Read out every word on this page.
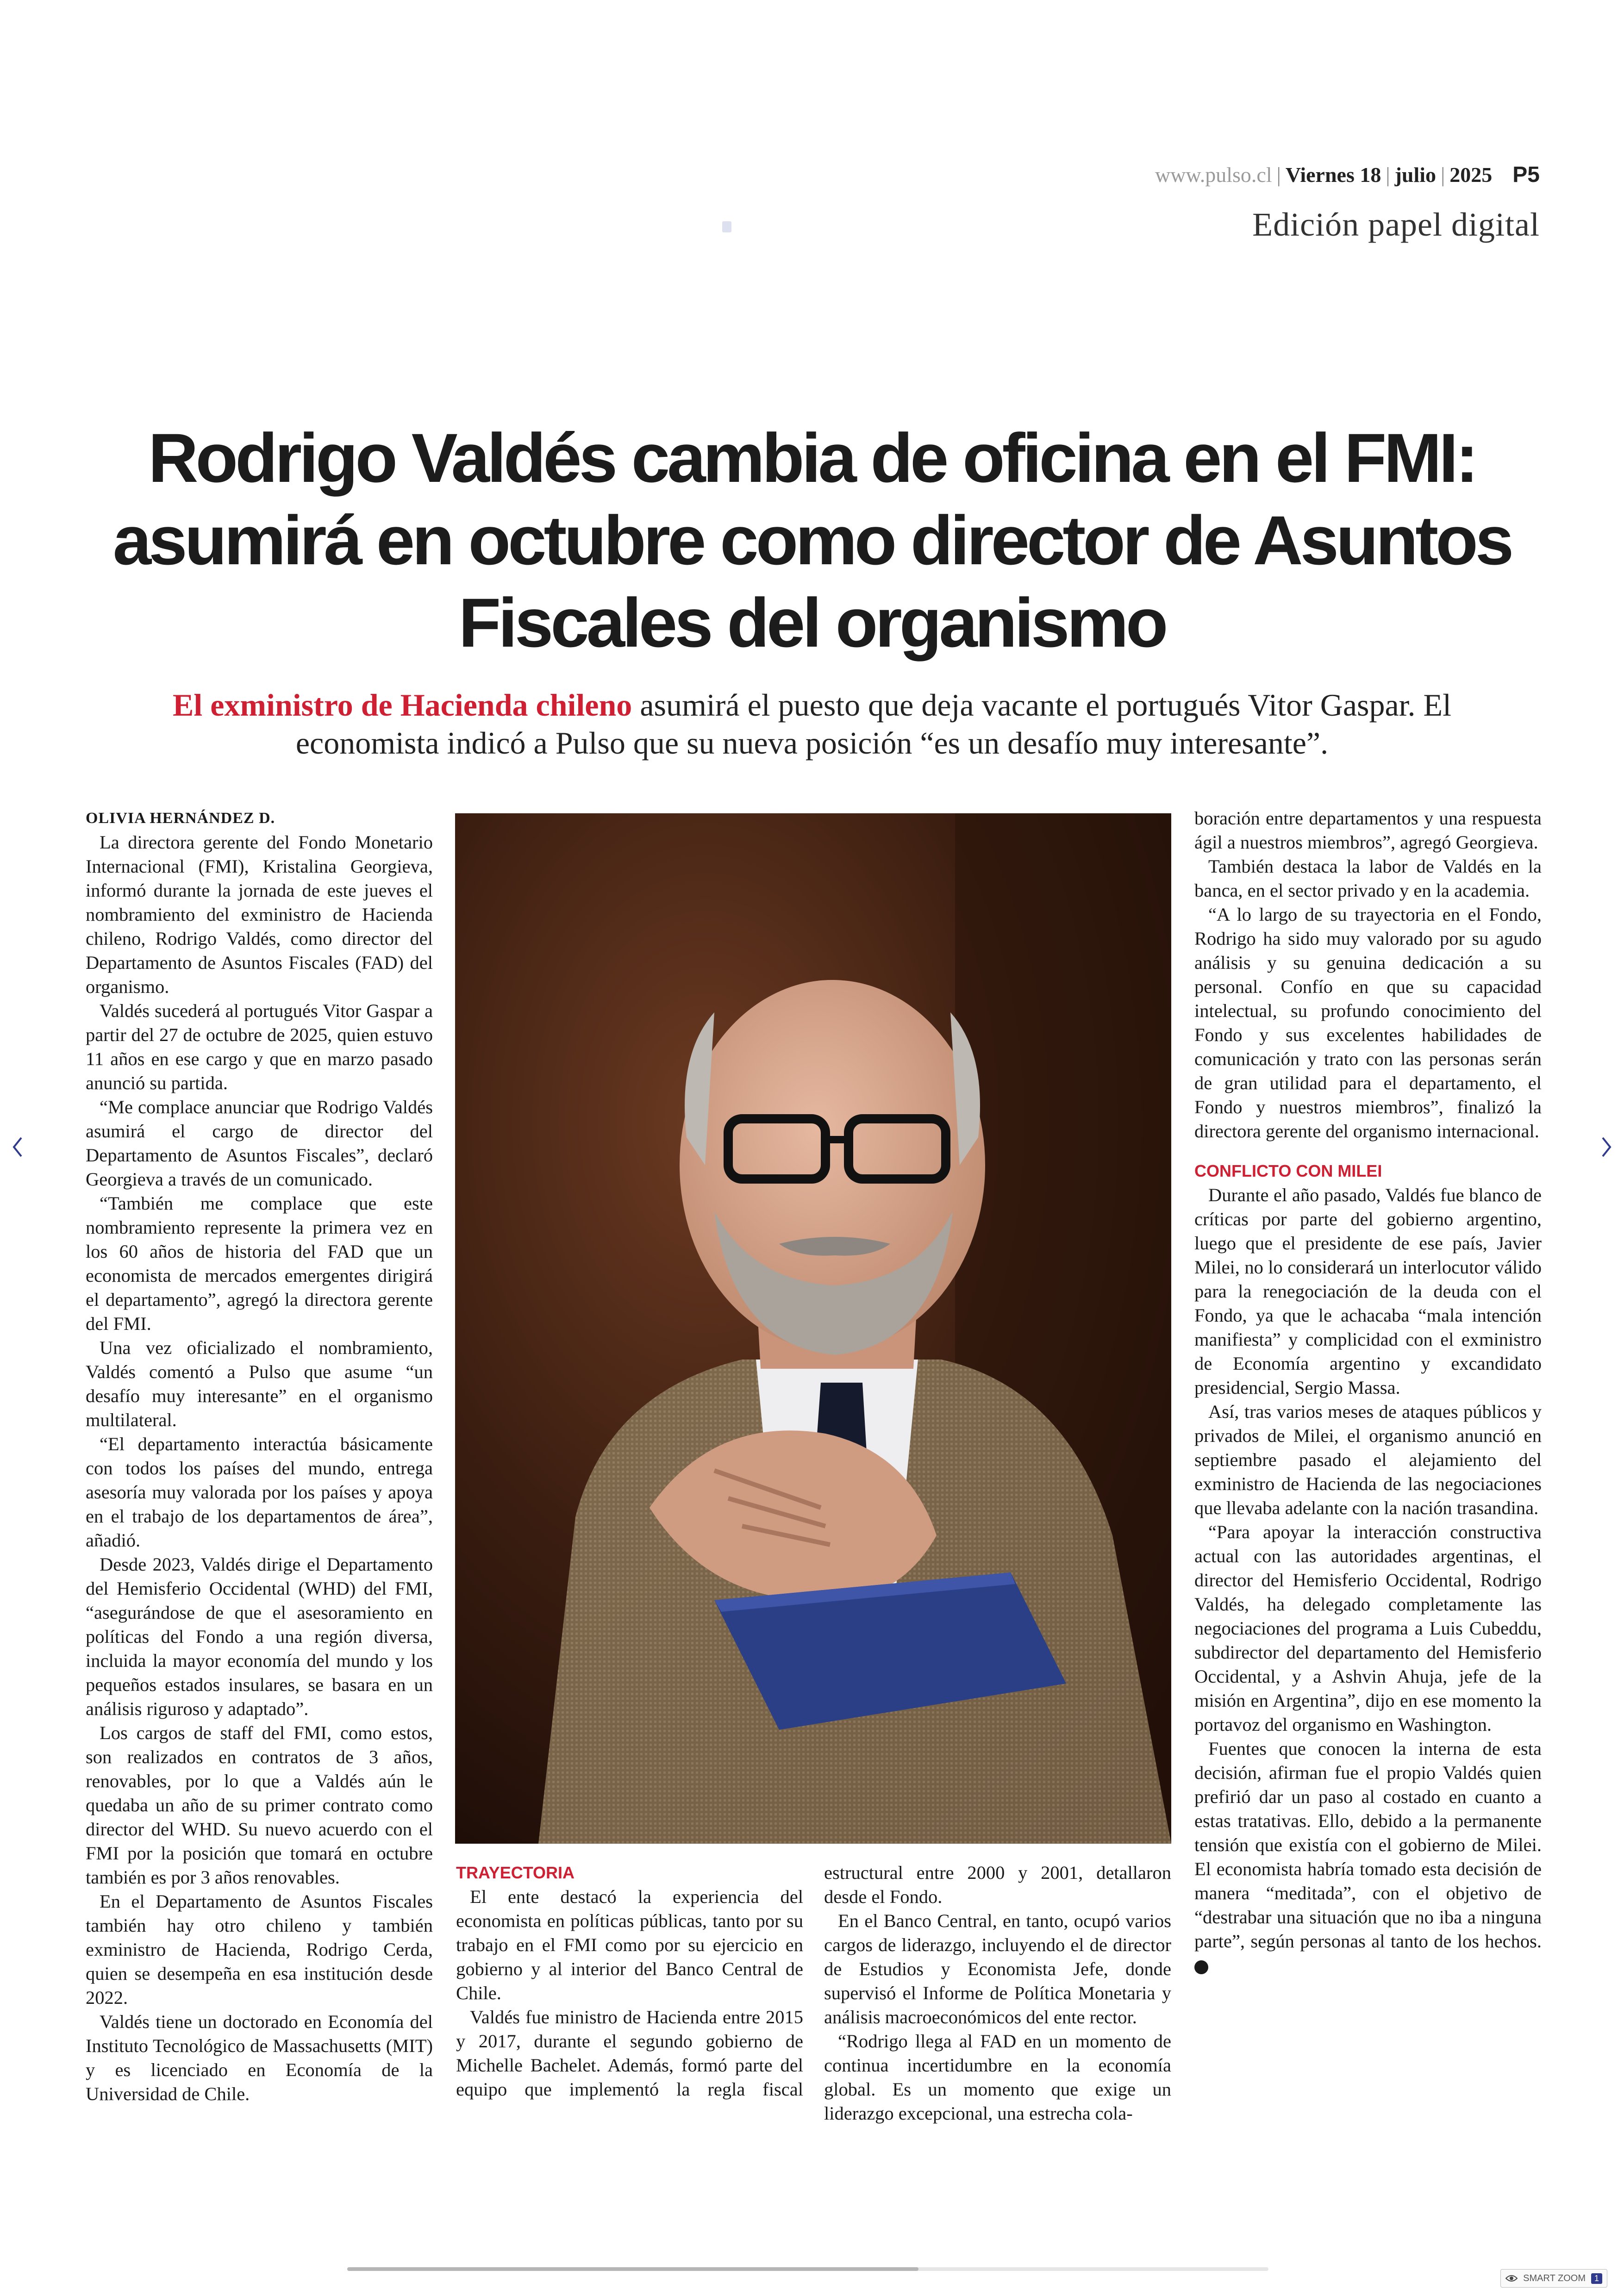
www.pulso.cl | Viernes 18 | julio | 2025 P5
Edición papel digital
Rodrigo Valdés cambia de oficina en el FMI:
asumirá en octubre como director de Asuntos
Fiscales del organismo
El exministro de Hacienda chileno asumirá el puesto que deja vacante el portugués Vitor Gaspar. El
economista indicó a Pulso que su nueva posición “es un desafío muy interesante”.

OLIVIA HERNÁNDEZ D.

La directora gerente del Fondo Monetario Internacional (FMI), Kristalina Georgieva, informó durante la jornada de este jueves el nombramiento del exministro de Hacienda chileno, Rodrigo Valdés, como director del Departamento de Asuntos Fiscales (FAD) del organismo.

Valdés sucederá al portugués Vitor Gaspar a partir del 27 de octubre de 2025, quien estuvo 11 años en ese cargo y que en marzo pasado anunció su partida.

“Me complace anunciar que Rodrigo Valdés asumirá el cargo de director del Departamento de Asuntos Fiscales”, declaró Georgieva a través de un comunicado.

“También me complace que este nombramiento represente la primera vez en los 60 años de historia del FAD que un economista de mercados emergentes dirigirá el departamento”, agregó la directora gerente del FMI.

Una vez oficializado el nombramiento, Valdés comentó a Pulso que asume “un desafío muy interesante” en el organismo multilateral.

“El departamento interactúa básicamente con todos los países del mundo, entrega asesoría muy valorada por los países y apoya en el trabajo de los departamentos de área”, añadió.

Desde 2023, Valdés dirige el Departamento del Hemisferio Occidental (WHD) del FMI, “asegurándose de que el asesoramiento en políticas del Fondo a una región diversa, incluida la mayor economía del mundo y los pequeños estados insulares, se basara en un análisis riguroso y adaptado”.

Los cargos de staff del FMI, como estos, son realizados en contratos de 3 años, renovables, por lo que a Valdés aún le quedaba un año de su primer contrato como director del WHD. Su nuevo acuerdo con el FMI por la posición que tomará en octubre también es por 3 años renovables.

En el Departamento de Asuntos Fiscales también hay otro chileno y también exministro de Hacienda, Rodrigo Cerda, quien se desempeña en esa institución desde 2022.

Valdés tiene un doctorado en Economía del Instituto Tecnológico de Massachusetts (MIT) y es licenciado en Economía de la Universidad de Chile.

TRAYECTORIA

El ente destacó la experiencia del economista en políticas públicas, tanto por su trabajo en el FMI como por su ejercicio en gobierno y al interior del Banco Central de Chile.

Valdés fue ministro de Hacienda entre 2015 y 2017, durante el segundo gobierno de Michelle Bachelet. Además, formó parte del equipo que implementó la regla fiscal estructural entre 2000 y 2001, detallaron desde el Fondo.

En el Banco Central, en tanto, ocupó varios cargos de liderazgo, incluyendo el de director de Estudios y Economista Jefe, donde supervisó el Informe de Política Monetaria y análisis macroeconómicos del ente rector.

“Rodrigo llega al FAD en un momento de continua incertidumbre en la economía global. Es un momento que exige un liderazgo excepcional, una estrecha cola-

boración entre departamentos y una respuesta ágil a nuestros miembros”, agregó Georgieva.

También destaca la labor de Valdés en la banca, en el sector privado y en la academia.

“A lo largo de su trayectoria en el Fondo, Rodrigo ha sido muy valorado por su agudo análisis y su genuina dedicación a su personal. Confío en que su capacidad intelectual, su profundo conocimiento del Fondo y sus excelentes habilidades de comunicación y trato con las personas serán de gran utilidad para el departamento, el Fondo y nuestros miembros”, finalizó la directora gerente del organismo internacional.

CONFLICTO CON MILEI

Durante el año pasado, Valdés fue blanco de críticas por parte del gobierno argentino, luego que el presidente de ese país, Javier Milei, no lo considerará un interlocutor válido para la renegociación de la deuda con el Fondo, ya que le achacaba “mala intención manifiesta” y complicidad con el exministro de Economía argentino y excandidato presidencial, Sergio Massa.

Así, tras varios meses de ataques públicos y privados de Milei, el organismo anunció en septiembre pasado el alejamiento del exministro de Hacienda de las negociaciones que llevaba adelante con la nación trasandina.

“Para apoyar la interacción constructiva actual con las autoridades argentinas, el director del Hemisferio Occidental, Rodrigo Valdés, ha delegado completamente las negociaciones del programa a Luis Cubeddu, subdirector del departamento del Hemisferio Occidental, y a Ashvin Ahuja, jefe de la misión en Argentina”, dijo en ese momento la portavoz del organismo en Washington.

Fuentes que conocen la interna de esta decisión, afirman fue el propio Valdés quien prefirió dar un paso al costado en cuanto a estas tratativas. Ello, debido a la permanente tensión que existía con el gobierno de Milei. El economista habría tomado esta decisión de manera “meditada”, con el objetivo de “destrabar una situación que no iba a ninguna parte”, según personas al tanto de los hechos.P

SMART ZOOM	1
